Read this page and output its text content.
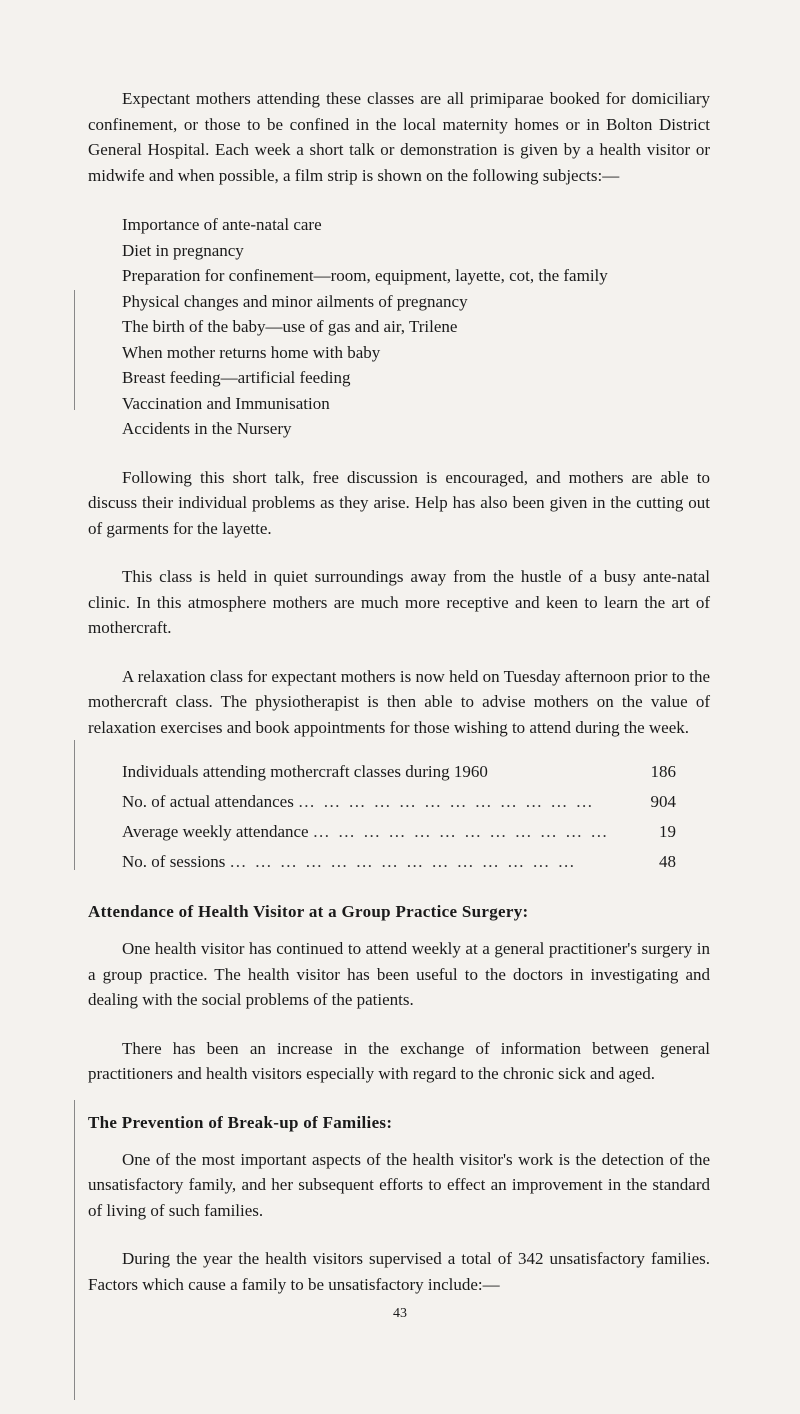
Expectant mothers attending these classes are all primiparae booked for domiciliary confinement, or those to be confined in the local maternity homes or in Bolton District General Hospital. Each week a short talk or demonstration is given by a health visitor or midwife and when possible, a film strip is shown on the following subjects:—

Importance of ante-natal care
Diet in pregnancy
Preparation for confinement—room, equipment, layette, cot, the family
Physical changes and minor ailments of pregnancy
The birth of the baby—use of gas and air, Trilene
When mother returns home with baby
Breast feeding—artificial feeding
Vaccination and Immunisation
Accidents in the Nursery

Following this short talk, free discussion is encouraged, and mothers are able to discuss their individual problems as they arise. Help has also been given in the cutting out of garments for the layette.

This class is held in quiet surroundings away from the hustle of a busy ante-natal clinic. In this atmosphere mothers are much more receptive and keen to learn the art of mothercraft.

A relaxation class for expectant mothers is now held on Tuesday afternoon prior to the mothercraft class. The physiotherapist is then able to advise mothers on the value of relaxation exercises and book appointments for those wishing to attend during the week.

Individuals attending mothercraft classes during 1960	186
No. of actual attendances … … … … … … … … … … … …	904
Average weekly attendance … … … … … … … … … … … …	19
No. of sessions … … … … … … … … … … … … … …	48
Attendance of Health Visitor at a Group Practice Surgery:

One health visitor has continued to attend weekly at a general practitioner's surgery in a group practice. The health visitor has been useful to the doctors in investigating and dealing with the social problems of the patients.

There has been an increase in the exchange of information between general practitioners and health visitors especially with regard to the chronic sick and aged.

The Prevention of Break-up of Families:

One of the most important aspects of the health visitor's work is the detection of the unsatisfactory family, and her subsequent efforts to effect an improvement in the standard of living of such families.

During the year the health visitors supervised a total of 342 unsatisfactory families. Factors which cause a family to be unsatisfactory include:—

43
